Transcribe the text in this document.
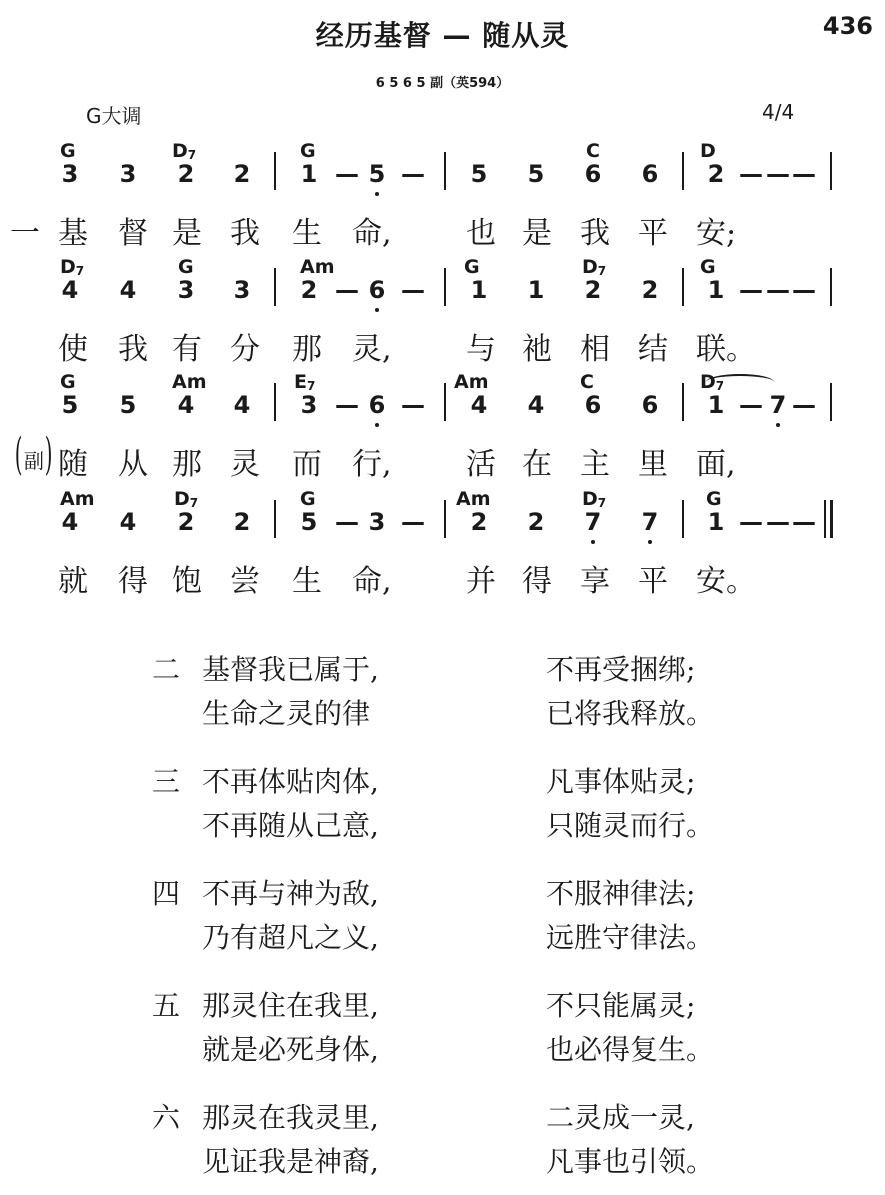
经历基督 — 随从灵	436
6 5 6 5 副（英594）
G大调	4/4
G	$D_7$	G	C	D
3 3 2 2 1 — 5 — 5 5 6 6 2 — — —
一 基 督 是 我 生 命, 也 是 我 平 安;
$D_7$	G	Am	G	$D_7$	G
4 4 3 3 2 — 6 — 1 1 2 2 1 — — —
使 我 有 分 那 灵, 与 祂 相 结 联。
G	Am	$E_7$	Am	C	$D_7$
5 5 4 4 3 — 6 — 4 4 6 6 1 — 7 —
副
( ) 随 从 那 灵 而 行, 活 在 主 里 面,
Am	$D_7$	G	Am	$D_7$	G
4 4 2 2 5 — 3 — 2 2 7 7 1 — — —
就 得 饱 尝 生 命, 并 得 享 平 安。
二 基督我已属于,	不再受捆绑;
生命之灵的律	已将我释放。
三 不再体贴肉体,	凡事体贴灵;
不再随从己意,	只随灵而行。
四 不再与神为敌,	不服神律法;
乃有超凡之义,	远胜守律法。
五 那灵住在我里,	不只能属灵;
就是必死身体,	也必得复生。
六 那灵在我灵里,	二灵成一灵,
见证我是神裔,	凡事也引领。
